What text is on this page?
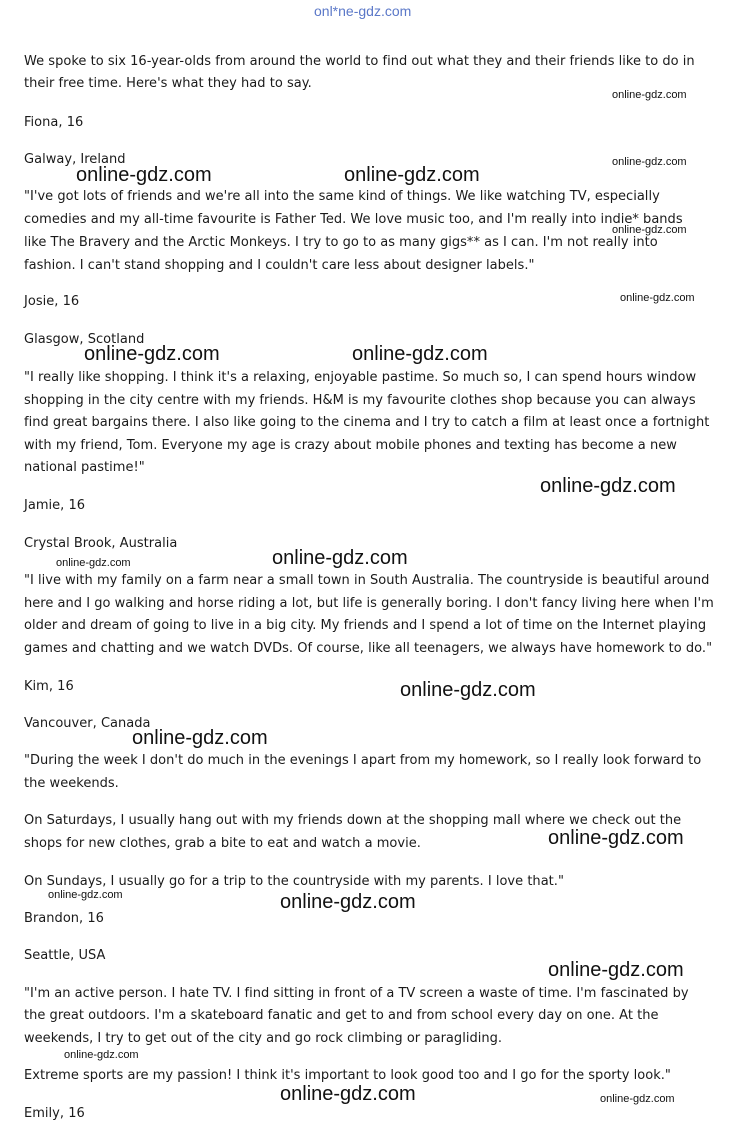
onl*ne-gdz.com

We spoke to six 16-year-olds from around the world to find out what they and their friends like to do in

their free time. Here's what they had to say.

Fiona, 16

Galway, Ireland

"I've got lots of friends and we're all into the same kind of things. We like watching TV, especially

comedies and my all-time favourite is Father Ted. We love music too, and I'm really into indie* bands

like The Bravery and the Arctic Monkeys. I try to go to as many gigs** as I can. I'm not really into

fashion. I can't stand shopping and I couldn't care less about designer labels."

Josie, 16

Glasgow, Scotland

"I really like shopping. I think it's a relaxing, enjoyable pastime. So much so, I can spend hours window

shopping in the city centre with my friends. H&M is my favourite clothes shop because you can always

find great bargains there. I also like going to the cinema and I try to catch a film at least once a fortnight

with my friend, Tom. Everyone my age is crazy about mobile phones and texting has become a new

national pastime!"

Jamie, 16

Crystal Brook, Australia

"I live with my family on a farm near a small town in South Australia. The countryside is beautiful around

here and I go walking and horse riding a lot, but life is generally boring. I don't fancy living here when I'm

older and dream of going to live in a big city. My friends and I spend a lot of time on the Internet playing

games and chatting and we watch DVDs. Of course, like all teenagers, we always have homework to do."

Kim, 16

Vancouver, Canada

"During the week I don't do much in the evenings I apart from my homework, so I really look forward to

the weekends.

On Saturdays, I usually hang out with my friends down at the shopping mall where we check out the

shops for new clothes, grab a bite to eat and watch a movie.

On Sundays, I usually go for a trip to the countryside with my parents. I love that."

Brandon, 16

Seattle, USA

"I'm an active person. I hate TV. I find sitting in front of a TV screen a waste of time. I'm fascinated by

the great outdoors. I'm a skateboard fanatic and get to and from school every day on one. At the

weekends, I try to get out of the city and go rock climbing or paragliding.

Extreme sports are my passion! I think it's important to look good too and I go for the sporty look."

Emily, 16

online-gdz.com
online-gdz.com	online-gdz.com
online-gdz.com
online-gdz.com
online-gdz.com
online-gdz.com	online-gdz.com
online-gdz.com
online-gdz.com
online-gdz.com
online-gdz.com
online-gdz.com
online-gdz.com
online-gdz.com	online-gdz.com
online-gdz.com
online-gdz.com
online-gdz.com	online-gdz.com
